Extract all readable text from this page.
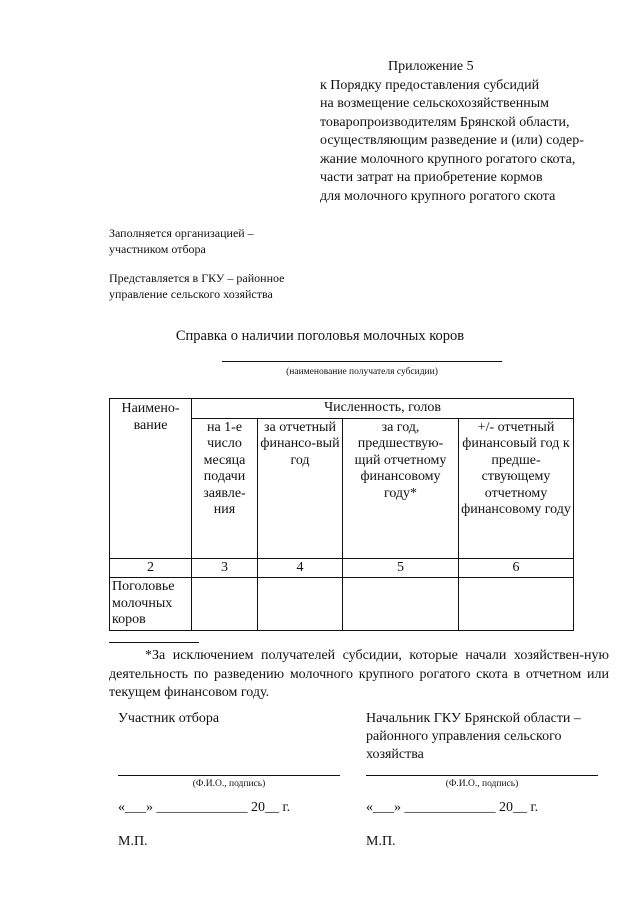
Приложение 5
к Порядку предоставления субсидий
на возмещение сельскохозяйственным
товаропроизводителям Брянской области,
осуществляющим разведение и (или) содер-
жание молочного крупного рогатого скота,
части затрат на приобретение кормов
для молочного крупного рогатого скота
Заполняется организацией –
участником отбора
Представляется в ГКУ – районное
управление сельского хозяйства
Справка о наличии поголовья молочных коров
(наименование получателя субсидии)
Наимено-вание	Численность, голов			
	на 1-е число месяца подачи заявле-ния	за отчетный финансо-вый год	за год, предшествую-щий отчетному финансовому году*	+/- отчетный финансовый год к предше-ствующему отчетному финансовому году
2	3	4	5	6
Поголовье молочных коров				
*За исключением получателей субсидии, которые начали хозяйствен-ную деятельность по разведению молочного крупного рогатого скота в отчетном или текущем финансовом году.
Участник отбора
(Ф.И.О., подпись)
«___» _____________ 20__ г.
М.П.
Начальник ГКУ Брянской области – районного управления сельского хозяйства
(Ф.И.О., подпись)
«___» _____________ 20__ г.
М.П.
